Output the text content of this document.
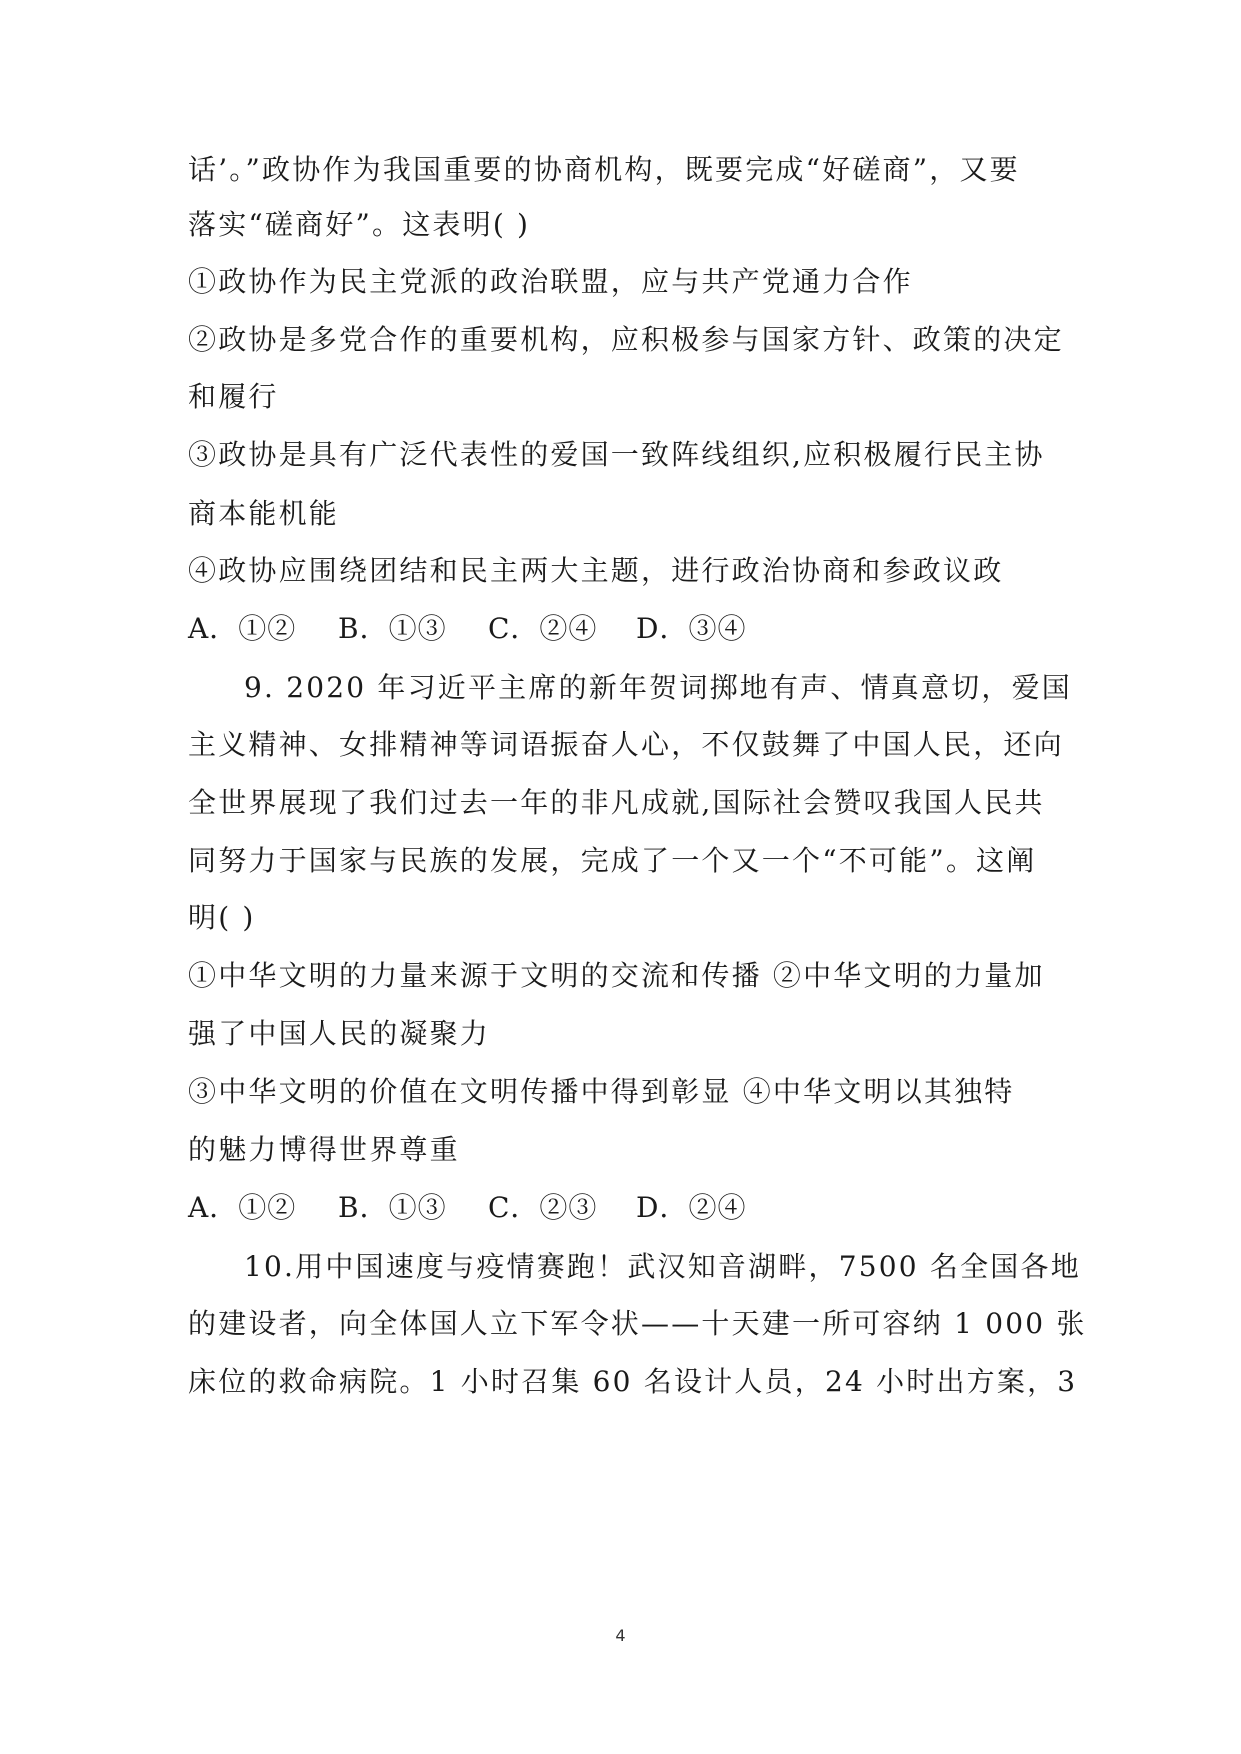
话’。”政协作为我国重要的协商机构，既要完成“好磋商”，又要
落实“磋商好”。这表明( )
①政协作为民主党派的政治联盟，应与共产党通力合作
②政协是多党合作的重要机构，应积极参与国家方针、政策的决定
和履行
③政协是具有广泛代表性的爱国一致阵线组织,应积极履行民主协
商本能机能
④政协应围绕团结和民主两大主题，进行政治协商和参政议政
A．①② B．①③ C．②④ D．③④
9. 2020 年习近平主席的新年贺词掷地有声、情真意切，爱国
主义精神、女排精神等词语振奋人心，不仅鼓舞了中国人民，还向
全世界展现了我们过去一年的非凡成就,国际社会赞叹我国人民共
同努力于国家与民族的发展，完成了一个又一个“不可能”。这阐
明( )
①中华文明的力量来源于文明的交流和传播 ②中华文明的力量加
强了中国人民的凝聚力
③中华文明的价值在文明传播中得到彰显 ④中华文明以其独特
的魅力博得世界尊重
A．①② B．①③ C．②③ D．②④
10.用中国速度与疫情赛跑！武汉知音湖畔，7500 名全国各地
的建设者，向全体国人立下军令状——十天建一所可容纳 1 000 张
床位的救命病院。1 小时召集 60 名设计人员，24 小时出方案，3
4
